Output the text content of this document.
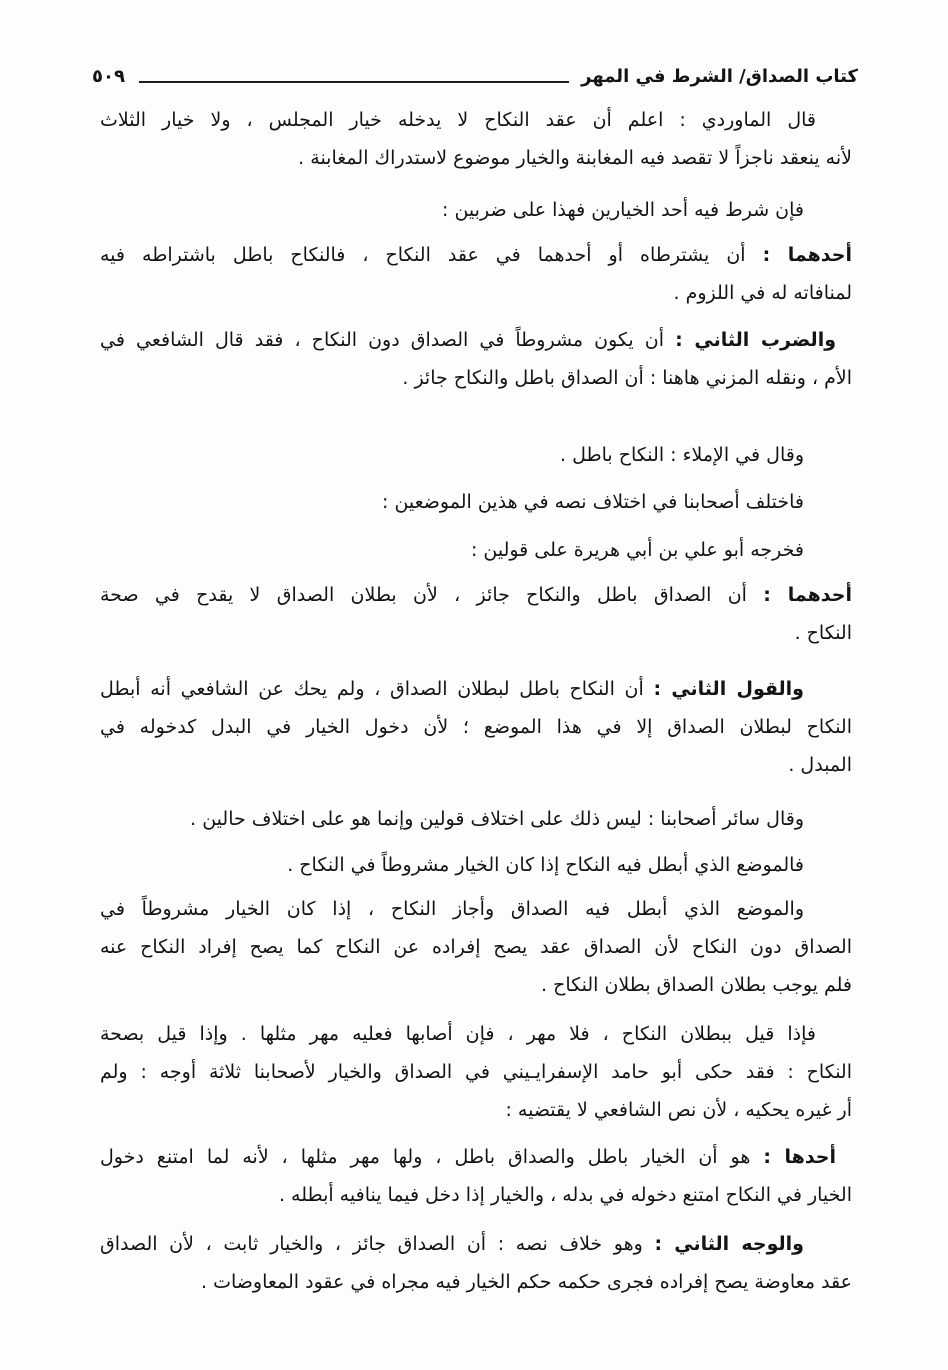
كتاب الصداق/ الشرط في المهر
٥٠٩
قال الماوردي : اعلم أن عقد النكاح لا يدخله خيار المجلس ، ولا خيار الثلاث
لأنه ينعقد ناجزاً لا تقصد فيه المغابنة والخيار موضوع لاستدراك المغابنة .
فإن شرط فيه أحد الخيارين فهذا على ضربين :
أحدهما : أن يشترطاه أو أحدهما في عقد النكاح ، فالنكاح باطل باشتراطه فيه
لمنافاته له في اللزوم .
والضرب الثاني : أن يكون مشروطاً في الصداق دون النكاح ، فقد قال الشافعي في
الأم ، ونقله المزني هاهنا : أن الصداق باطل والنكاح جائز .
وقال في الإملاء : النكاح باطل .
فاختلف أصحابنا في اختلاف نصه في هذين الموضعين :
فخرجه أبو علي بن أبي هريرة على قولين :
أحدهما : أن الصداق باطل والنكاح جائز ، لأن بطلان الصداق لا يقدح في صحة
النكاح .
والقول الثاني : أن النكاح باطل لبطلان الصداق ، ولم يحك عن الشافعي أنه أبطل
النكاح لبطلان الصداق إلا في هذا الموضع ؛ لأن دخول الخيار في البدل كدخوله في
المبدل .
وقال سائر أصحابنا : ليس ذلك على اختلاف قولين وإنما هو على اختلاف حالين .
فالموضع الذي أبطل فيه النكاح إذا كان الخيار مشروطاً في النكاح .
والموضع الذي أبطل فيه الصداق وأجاز النكاح ، إذا كان الخيار مشروطاً في
الصداق دون النكاح لأن الصداق عقد يصح إفراده عن النكاح كما يصح إفراد النكاح عنه
فلم يوجب بطلان الصداق بطلان النكاح .
فإذا قيل ببطلان النكاح ، فلا مهر ، فإن أصابها فعليه مهر مثلها . وإذا قيل بصحة
النكاح : فقد حكى أبو حامد الإسفرايـيني في الصداق والخيار لأصحابنا ثلاثة أوجه : ولم
أر غيره يحكيه ، لأن نص الشافعي لا يقتضيه :
أحدها : هو أن الخيار باطل والصداق باطل ، ولها مهر مثلها ، لأنه لما امتنع دخول
الخيار في النكاح امتنع دخوله في بدله ، والخيار إذا دخل فيما ينافيه أبطله .
والوجه الثاني : وهو خلاف نصه : أن الصداق جائز ، والخيار ثابت ، لأن الصداق
عقد معاوضة يصح إفراده فجرى حكمه حكم الخيار فيه مجراه في عقود المعاوضات .
